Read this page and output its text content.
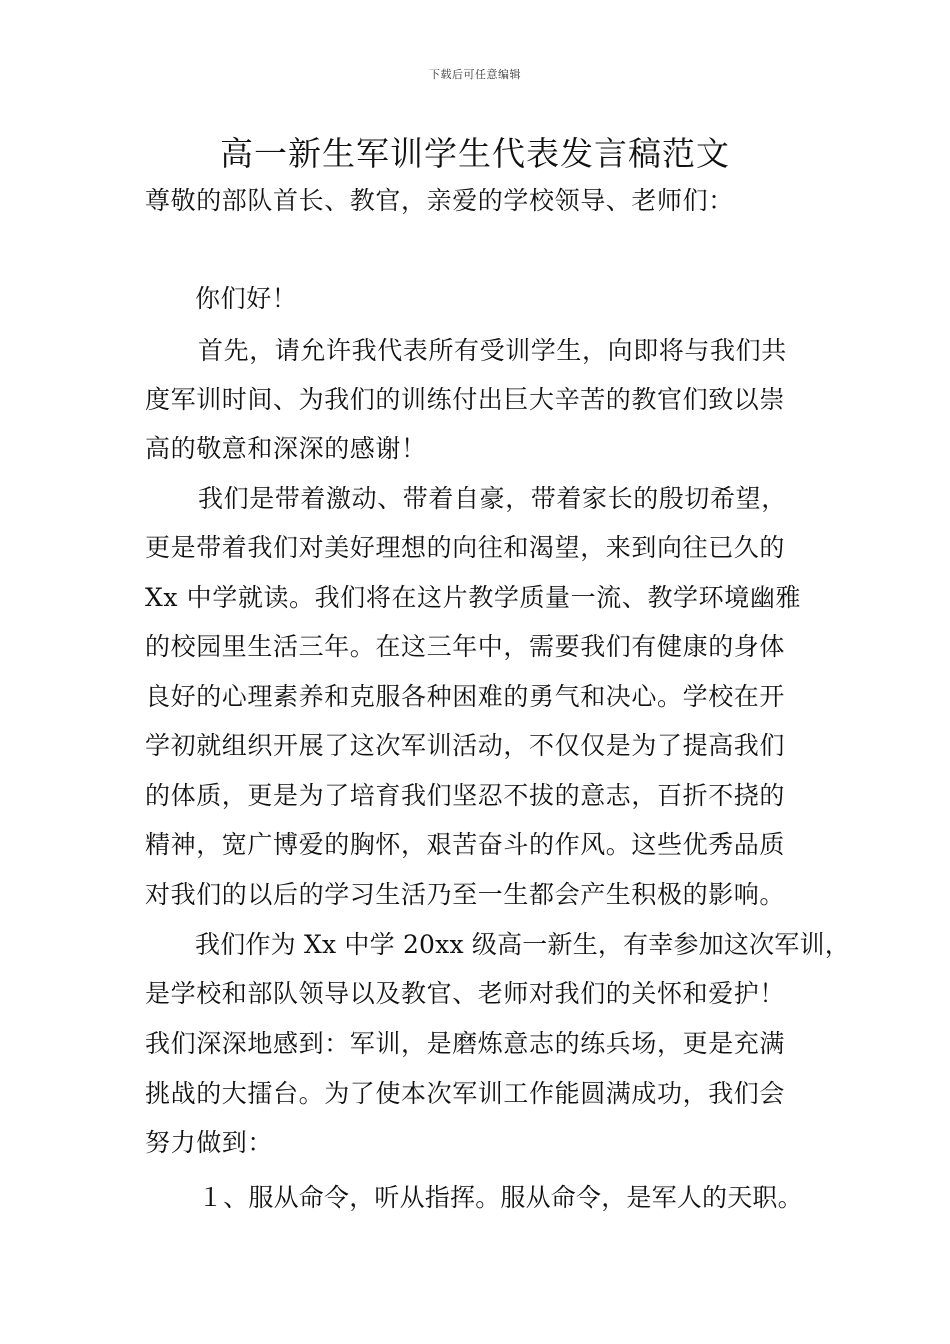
下载后可任意编辑
高一新生军训学生代表发言稿范文
尊敬的部队首长、教官，亲爱的学校领导、老师们：
你们好！
首先，请允许我代表所有受训学生，向即将与我们共
度军训时间、为我们的训练付出巨大辛苦的教官们致以崇
高的敬意和深深的感谢！
我们是带着激动、带着自豪，带着家长的殷切希望，
更是带着我们对美好理想的向往和渴望，来到向往已久的
Xx 中学就读。我们将在这片教学质量一流、教学环境幽雅
的校园里生活三年。在这三年中，需要我们有健康的身体
良好的心理素养和克服各种困难的勇气和决心。学校在开
学初就组织开展了这次军训活动，不仅仅是为了提高我们
的体质，更是为了培育我们坚忍不拔的意志，百折不挠的
精神，宽广博爱的胸怀，艰苦奋斗的作风。这些优秀品质
对我们的以后的学习生活乃至一生都会产生积极的影响。
我们作为 Xx 中学 20xx 级高一新生，有幸参加这次军训，
是学校和部队领导以及教官、老师对我们的关怀和爱护！
我们深深地感到：军训，是磨炼意志的练兵场，更是充满
挑战的大擂台。为了使本次军训工作能圆满成功，我们会
努力做到：
１、服从命令，听从指挥。服从命令，是军人的天职。
